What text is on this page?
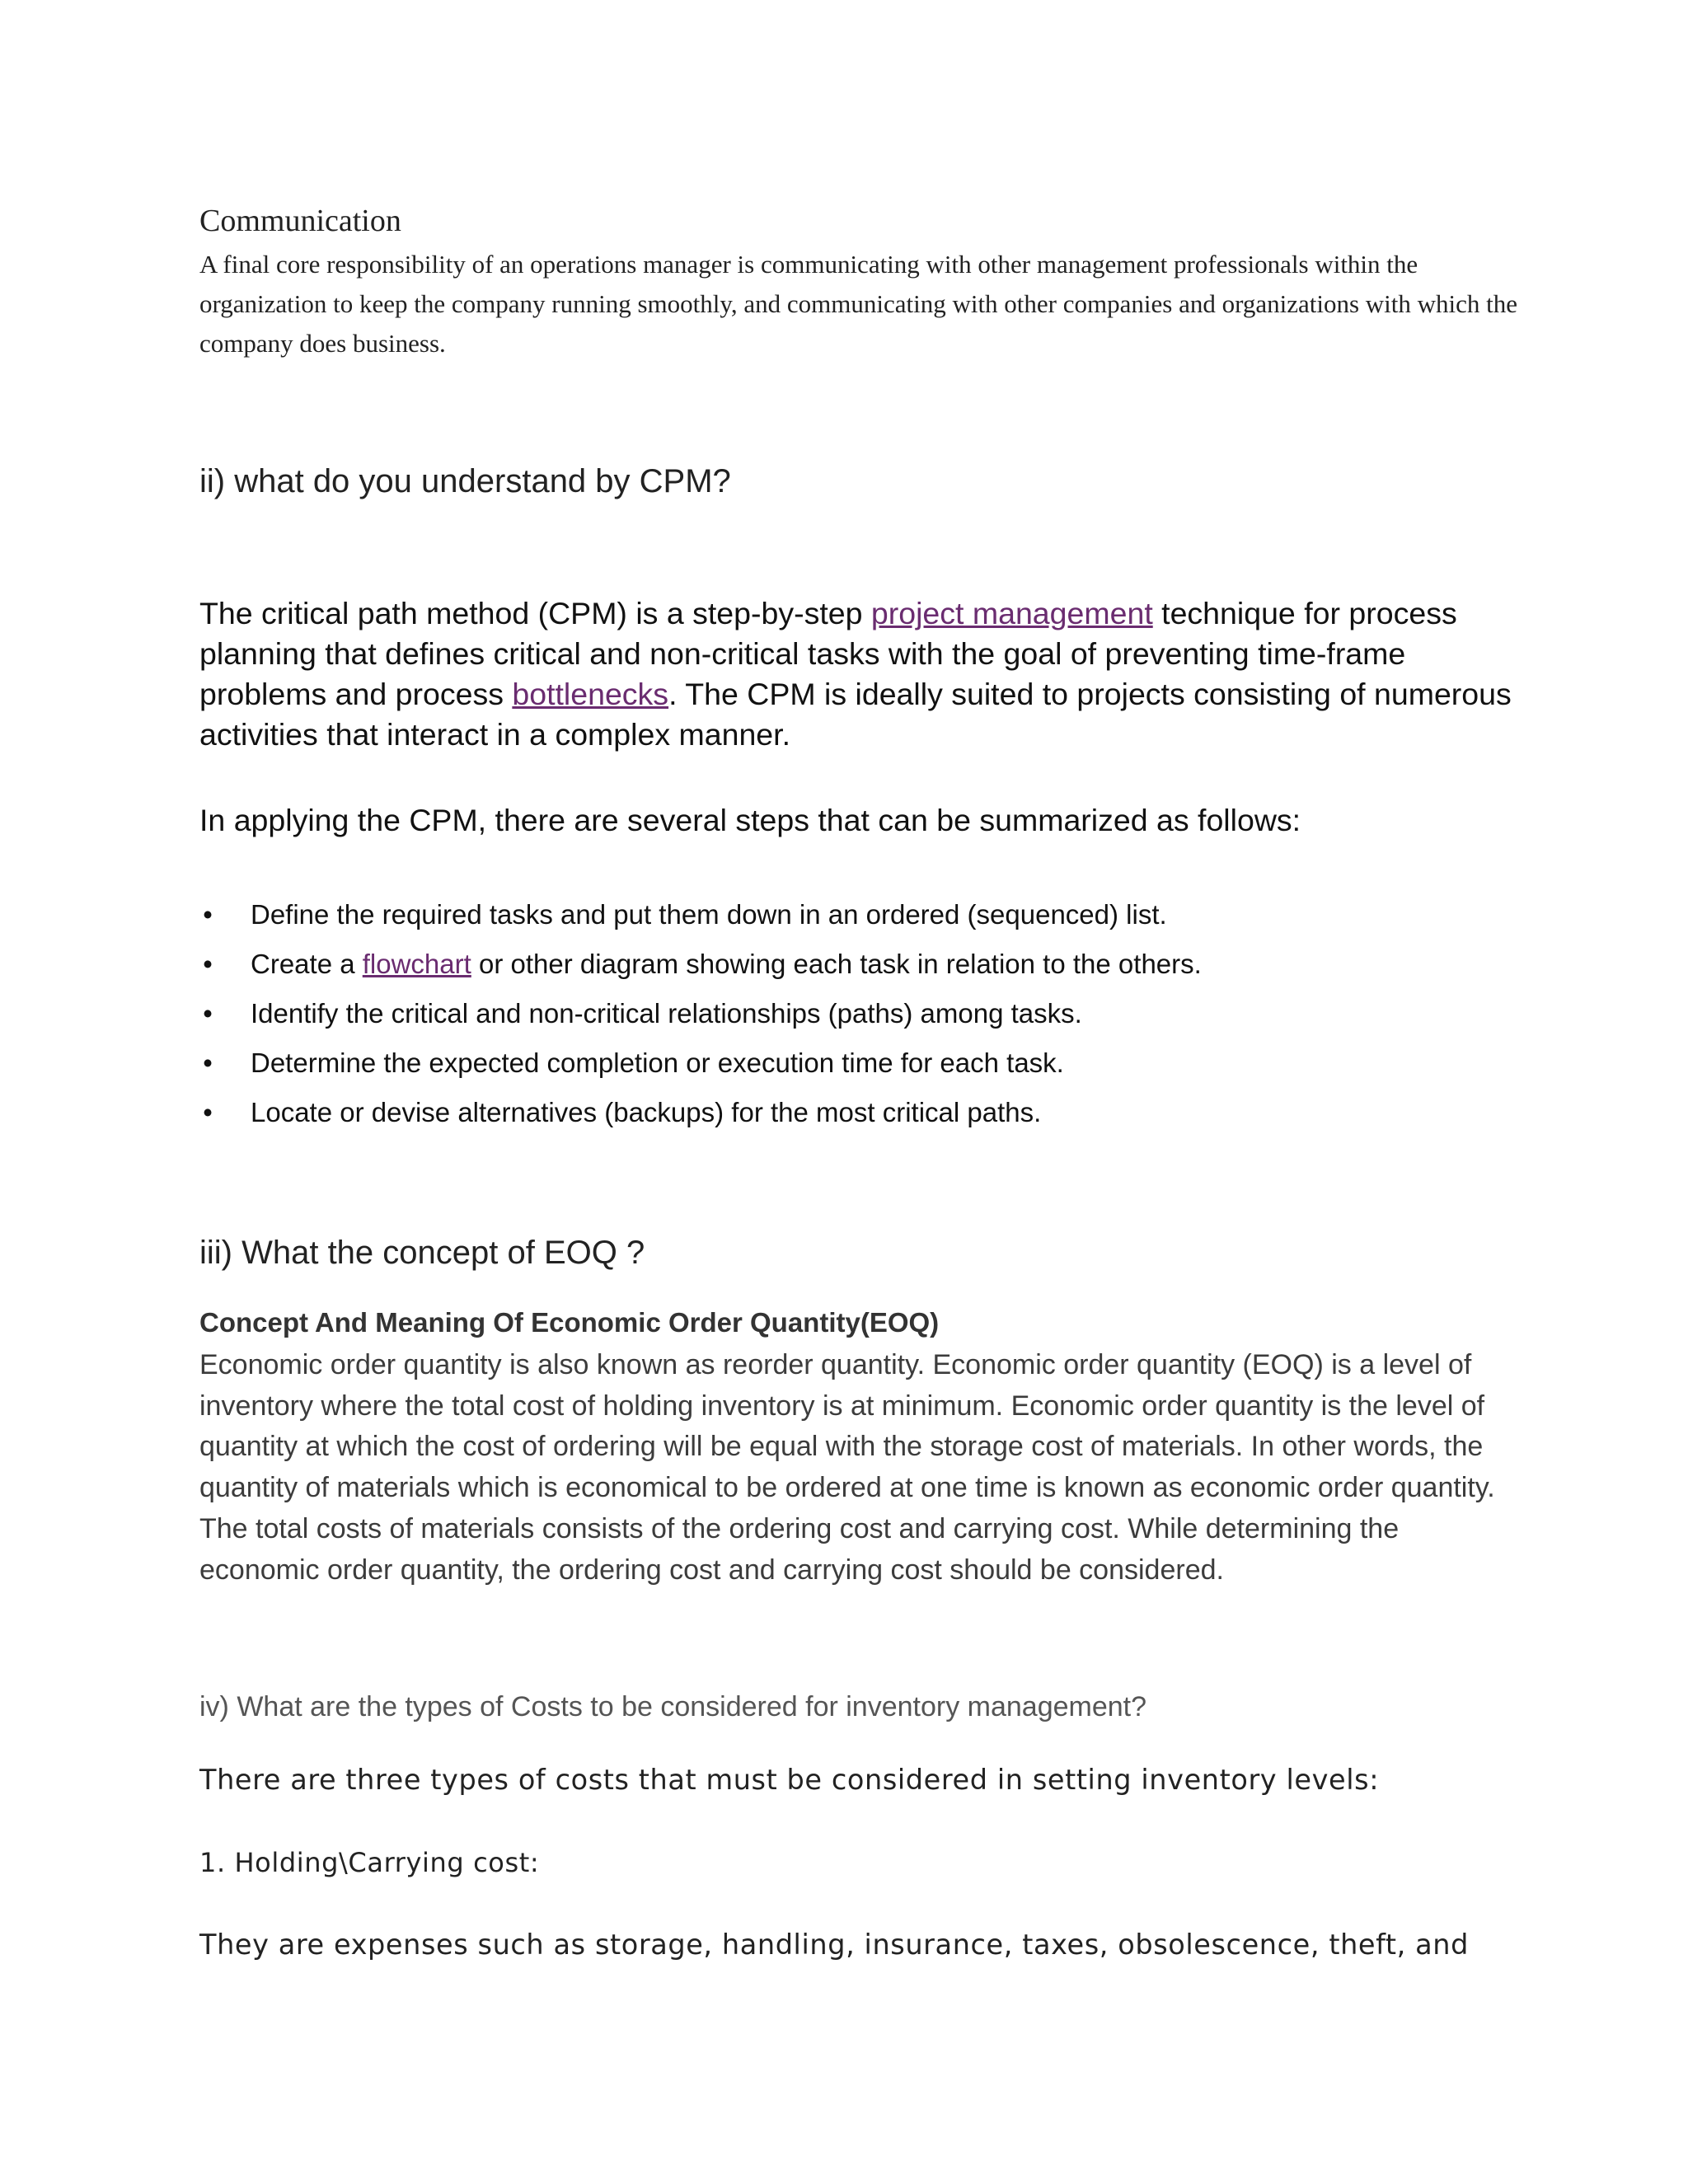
Communication

A final core responsibility of an operations manager is communicating with other management professionals within the organization to keep the company running smoothly, and communicating with other companies and organizations with which the company does business.

ii) what do you understand by CPM?

The critical path method (CPM) is a step-by-step project management technique for process planning that defines critical and non-critical tasks with the goal of preventing time-frame problems and process bottlenecks. The CPM is ideally suited to projects consisting of numerous activities that interact in a complex manner.

In applying the CPM, there are several steps that can be summarized as follows:

• Define the required tasks and put them down in an ordered (sequenced) list.
• Create a flowchart or other diagram showing each task in relation to the others.
• Identify the critical and non-critical relationships (paths) among tasks.
• Determine the expected completion or execution time for each task.
• Locate or devise alternatives (backups) for the most critical paths.
iii) What the concept of EOQ ?
Concept And Meaning Of Economic Order Quantity(EOQ)

Economic order quantity is also known as reorder quantity. Economic order quantity (EOQ) is a level of inventory where the total cost of holding inventory is at minimum. Economic order quantity is the level of quantity at which the cost of ordering will be equal with the storage cost of materials. In other words, the quantity of materials which is economical to be ordered at one time is known as economic order quantity. The total costs of materials consists of the ordering cost and carrying cost. While determining the economic order quantity, the ordering cost and carrying cost should be considered.

iv) What are the types of Costs to be considered for inventory management?

There are three types of costs that must be considered in setting inventory levels:

1. Holding\Carrying cost:

They are expenses such as storage, handling, insurance, taxes, obsolescence, theft, and
